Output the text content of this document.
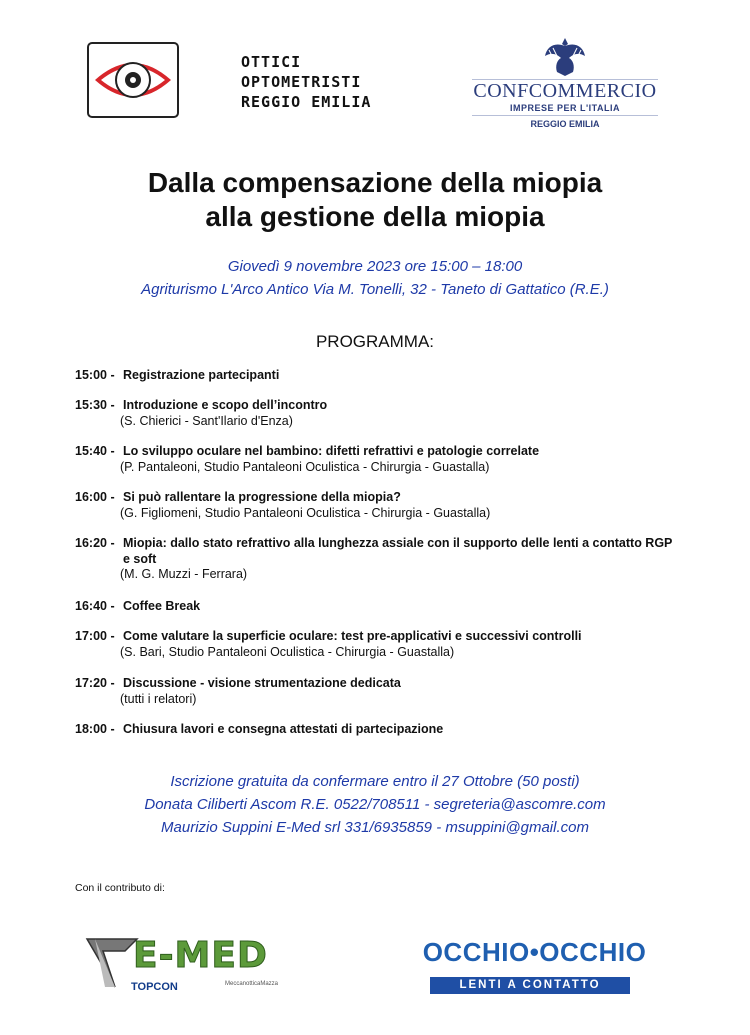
OTTICI
OPTOMETRISTI
REGGIO EMILIA	CONFCOMMERCIO
IMPRESE PER L'ITALIA
REGGIO EMILIA
Dalla compensazione della miopia
alla gestione della miopia
Giovedì 9 novembre 2023 ore 15:00 – 18:00
Agriturismo L'Arco Antico Via M. Tonelli, 32 - Taneto di Gattatico (R.E.)
PROGRAMMA:
15:00 - Registrazione partecipanti
15:30 - Introduzione e scopo dell’incontro
(S. Chierici - Sant'Ilario d'Enza)
15:40 - Lo sviluppo oculare nel bambino: difetti refrattivi e patologie correlate
(P. Pantaleoni, Studio Pantaleoni Oculistica - Chirurgia - Guastalla)
16:00 - Si può rallentare la progressione della miopia?
(G. Figliomeni, Studio Pantaleoni Oculistica - Chirurgia - Guastalla)
16:20 - Miopia: dallo stato refrattivo alla lunghezza assiale con il supporto delle lenti a contatto RGP e soft
(M. G. Muzzi - Ferrara)
16:40 - Coffee Break
17:00 - Come valutare la superficie oculare: test pre-applicativi e successivi controlli
(S. Bari, Studio Pantaleoni Oculistica - Chirurgia - Guastalla)
17:20 - Discussione - visione strumentazione dedicata
(tutti i relatori)
18:00 - Chiusura lavori e consegna attestati di partecipazione
Iscrizione gratuita da confermare entro il 27 Ottobre (50 posti)
Donata Ciliberti Ascom R.E. 0522/708511 - segreteria@ascomre.com
Maurizio Suppini E-Med srl 331/6935859 - msuppini@gmail.com
Con il contributo di:
E-MED
TOPCON	MeccanotticaMazza
OCCHIO•OCCHIO
LENTI A CONTATTO
